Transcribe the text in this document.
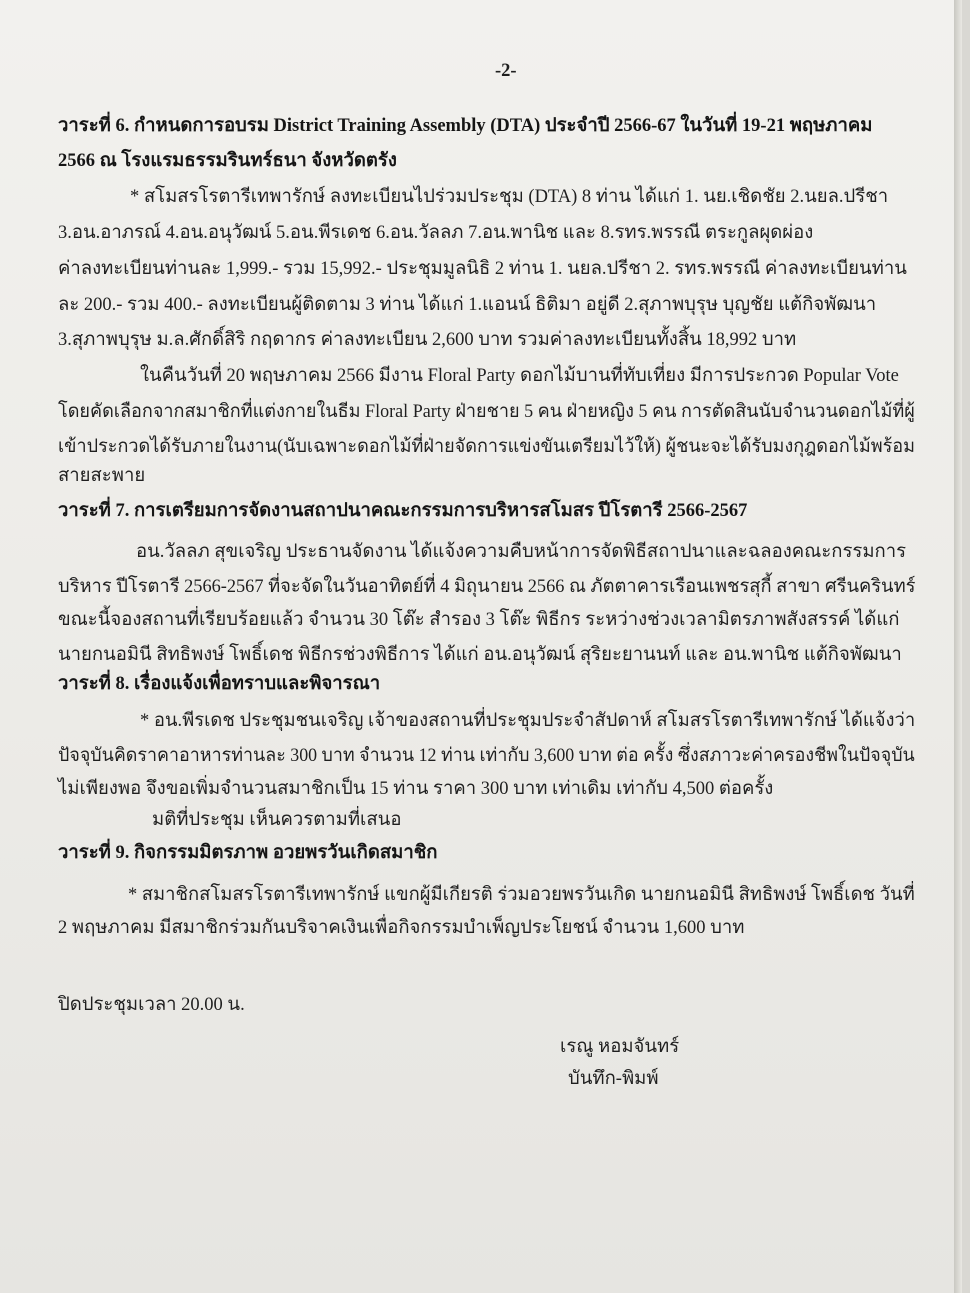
-2-
วาระที่ 6. กำหนดการอบรม District Training Assembly (DTA) ประจำปี 2566-67 ในวันที่ 19-21 พฤษภาคม
2566 ณ โรงแรมธรรมรินทร์ธนา จังหวัดตรัง
* สโมสรโรตารีเทพารักษ์ ลงทะเบียนไปร่วมประชุม (DTA) 8 ท่าน ได้แก่ 1. นย.เชิดชัย 2.นยล.ปรีชา
3.อน.อาภรณ์ 4.อน.อนุวัฒน์ 5.อน.พีรเดช 6.อน.วัลลภ 7.อน.พานิช และ 8.รทร.พรรณี ตระกูลผุดผ่อง
ค่าลงทะเบียนท่านละ 1,999.- รวม 15,992.- ประชุมมูลนิธิ 2 ท่าน 1. นยล.ปรีชา 2. รทร.พรรณี ค่าลงทะเบียนท่าน
ละ 200.- รวม 400.- ลงทะเบียนผู้ติดตาม 3 ท่าน ได้แก่ 1.แอนน์ ธิติมา อยู่ดี 2.สุภาพบุรุษ บุญชัย แต้กิจพัฒนา
3.สุภาพบุรุษ ม.ล.ศักดิ์สิริ กฤดากร ค่าลงทะเบียน 2,600 บาท รวมค่าลงทะเบียนทั้งสิ้น 18,992 บาท
ในคืนวันที่ 20 พฤษภาคม 2566 มีงาน Floral Party ดอกไม้บานที่ทับเที่ยง มีการประกวด Popular Vote
โดยคัดเลือกจากสมาชิกที่แต่งกายในธีม Floral Party ฝ่ายชาย 5 คน ฝ่ายหญิง 5 คน การตัดสินนับจำนวนดอกไม้ที่ผู้
เข้าประกวดได้รับภายในงาน(นับเฉพาะดอกไม้ที่ฝ่ายจัดการแข่งขันเตรียมไว้ให้) ผู้ชนะจะได้รับมงกุฎดอกไม้พร้อม
สายสะพาย
วาระที่ 7. การเตรียมการจัดงานสถาปนาคณะกรรมการบริหารสโมสร ปีโรตารี 2566-2567
อน.วัลลภ สุขเจริญ ประธานจัดงาน ได้แจ้งความคืบหน้าการจัดพิธีสถาปนาและฉลองคณะกรรมการ
บริหาร ปีโรตารี 2566-2567 ที่จะจัดในวันอาทิตย์ที่ 4 มิถุนายน 2566 ณ ภัตตาคารเรือนเพชรสุกี้ สาขา ศรีนครินทร์
ขณะนี้จองสถานที่เรียบร้อยแล้ว จำนวน 30 โต๊ะ สำรอง 3 โต๊ะ พิธีกร ระหว่างช่วงเวลามิตรภาพสังสรรค์ ได้แก่
นายกนอมินี สิทธิพงษ์ โพธิ์เดช พิธีกรช่วงพิธีการ ได้แก่ อน.อนุวัฒน์ สุริยะยานนท์ และ อน.พานิช แต้กิจพัฒนา
วาระที่ 8. เรื่องแจ้งเพื่อทราบและพิจารณา
* อน.พีรเดช ประชุมชนเจริญ เจ้าของสถานที่ประชุมประจำสัปดาห์ สโมสรโรตารีเทพารักษ์ ได้แจ้งว่า
ปัจจุบันคิดราคาอาหารท่านละ 300 บาท จำนวน 12 ท่าน เท่ากับ 3,600 บาท ต่อ ครั้ง ซึ่งสภาวะค่าครองชีพในปัจจุบัน
ไม่เพียงพอ จึงขอเพิ่มจำนวนสมาชิกเป็น 15 ท่าน ราคา 300 บาท เท่าเดิม เท่ากับ 4,500 ต่อครั้ง
มติที่ประชุม เห็นควรตามที่เสนอ
วาระที่ 9. กิจกรรมมิตรภาพ อวยพรวันเกิดสมาชิก
* สมาชิกสโมสรโรตารีเทพารักษ์ แขกผู้มีเกียรติ ร่วมอวยพรวันเกิด นายกนอมินี สิทธิพงษ์ โพธิ์เดช วันที่
2 พฤษภาคม มีสมาชิกร่วมกันบริจาคเงินเพื่อกิจกรรมบำเพ็ญประโยชน์ จำนวน 1,600 บาท
ปิดประชุมเวลา 20.00 น.
เรณู หอมจันทร์
บันทึก-พิมพ์
